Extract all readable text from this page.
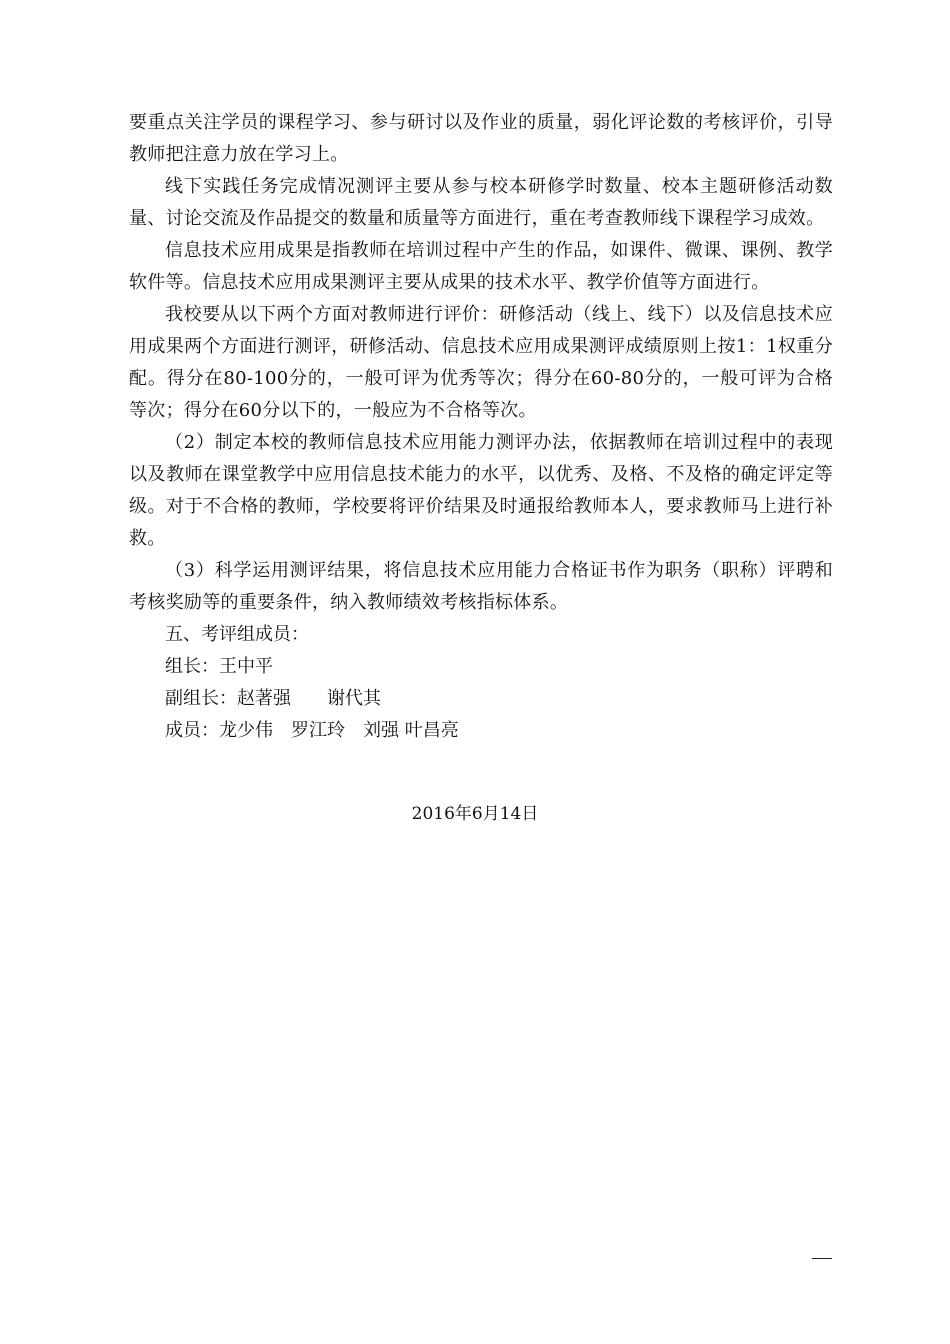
要重点关注学员的课程学习、参与研讨以及作业的质量，弱化评论数的考核评价，引导教师把注意力放在学习上。

线下实践任务完成情况测评主要从参与校本研修学时数量、校本主题研修活动数量、讨论交流及作品提交的数量和质量等方面进行，重在考查教师线下课程学习成效。

信息技术应用成果是指教师在培训过程中产生的作品，如课件、微课、课例、教学软件等。信息技术应用成果测评主要从成果的技术水平、教学价值等方面进行。

我校要从以下两个方面对教师进行评价：研修活动（线上、线下）以及信息技术应用成果两个方面进行测评，研修活动、信息技术应用成果测评成绩原则上按1：1权重分配。得分在80-100分的，一般可评为优秀等次；得分在60-80分的，一般可评为合格等次；得分在60分以下的，一般应为不合格等次。

（2）制定本校的教师信息技术应用能力测评办法，依据教师在培训过程中的表现以及教师在课堂教学中应用信息技术能力的水平，以优秀、及格、不及格的确定评定等级。对于不合格的教师，学校要将评价结果及时通报给教师本人，要求教师马上进行补救。

（3）科学运用测评结果，将信息技术应用能力合格证书作为职务（职称）评聘和考核奖励等的重要条件，纳入教师绩效考核指标体系。

五、考评组成员：

组长：王中平

副组长：赵著强　　谢代其

成员：龙少伟　罗江玲　刘强 叶昌亮

2016年6月14日
